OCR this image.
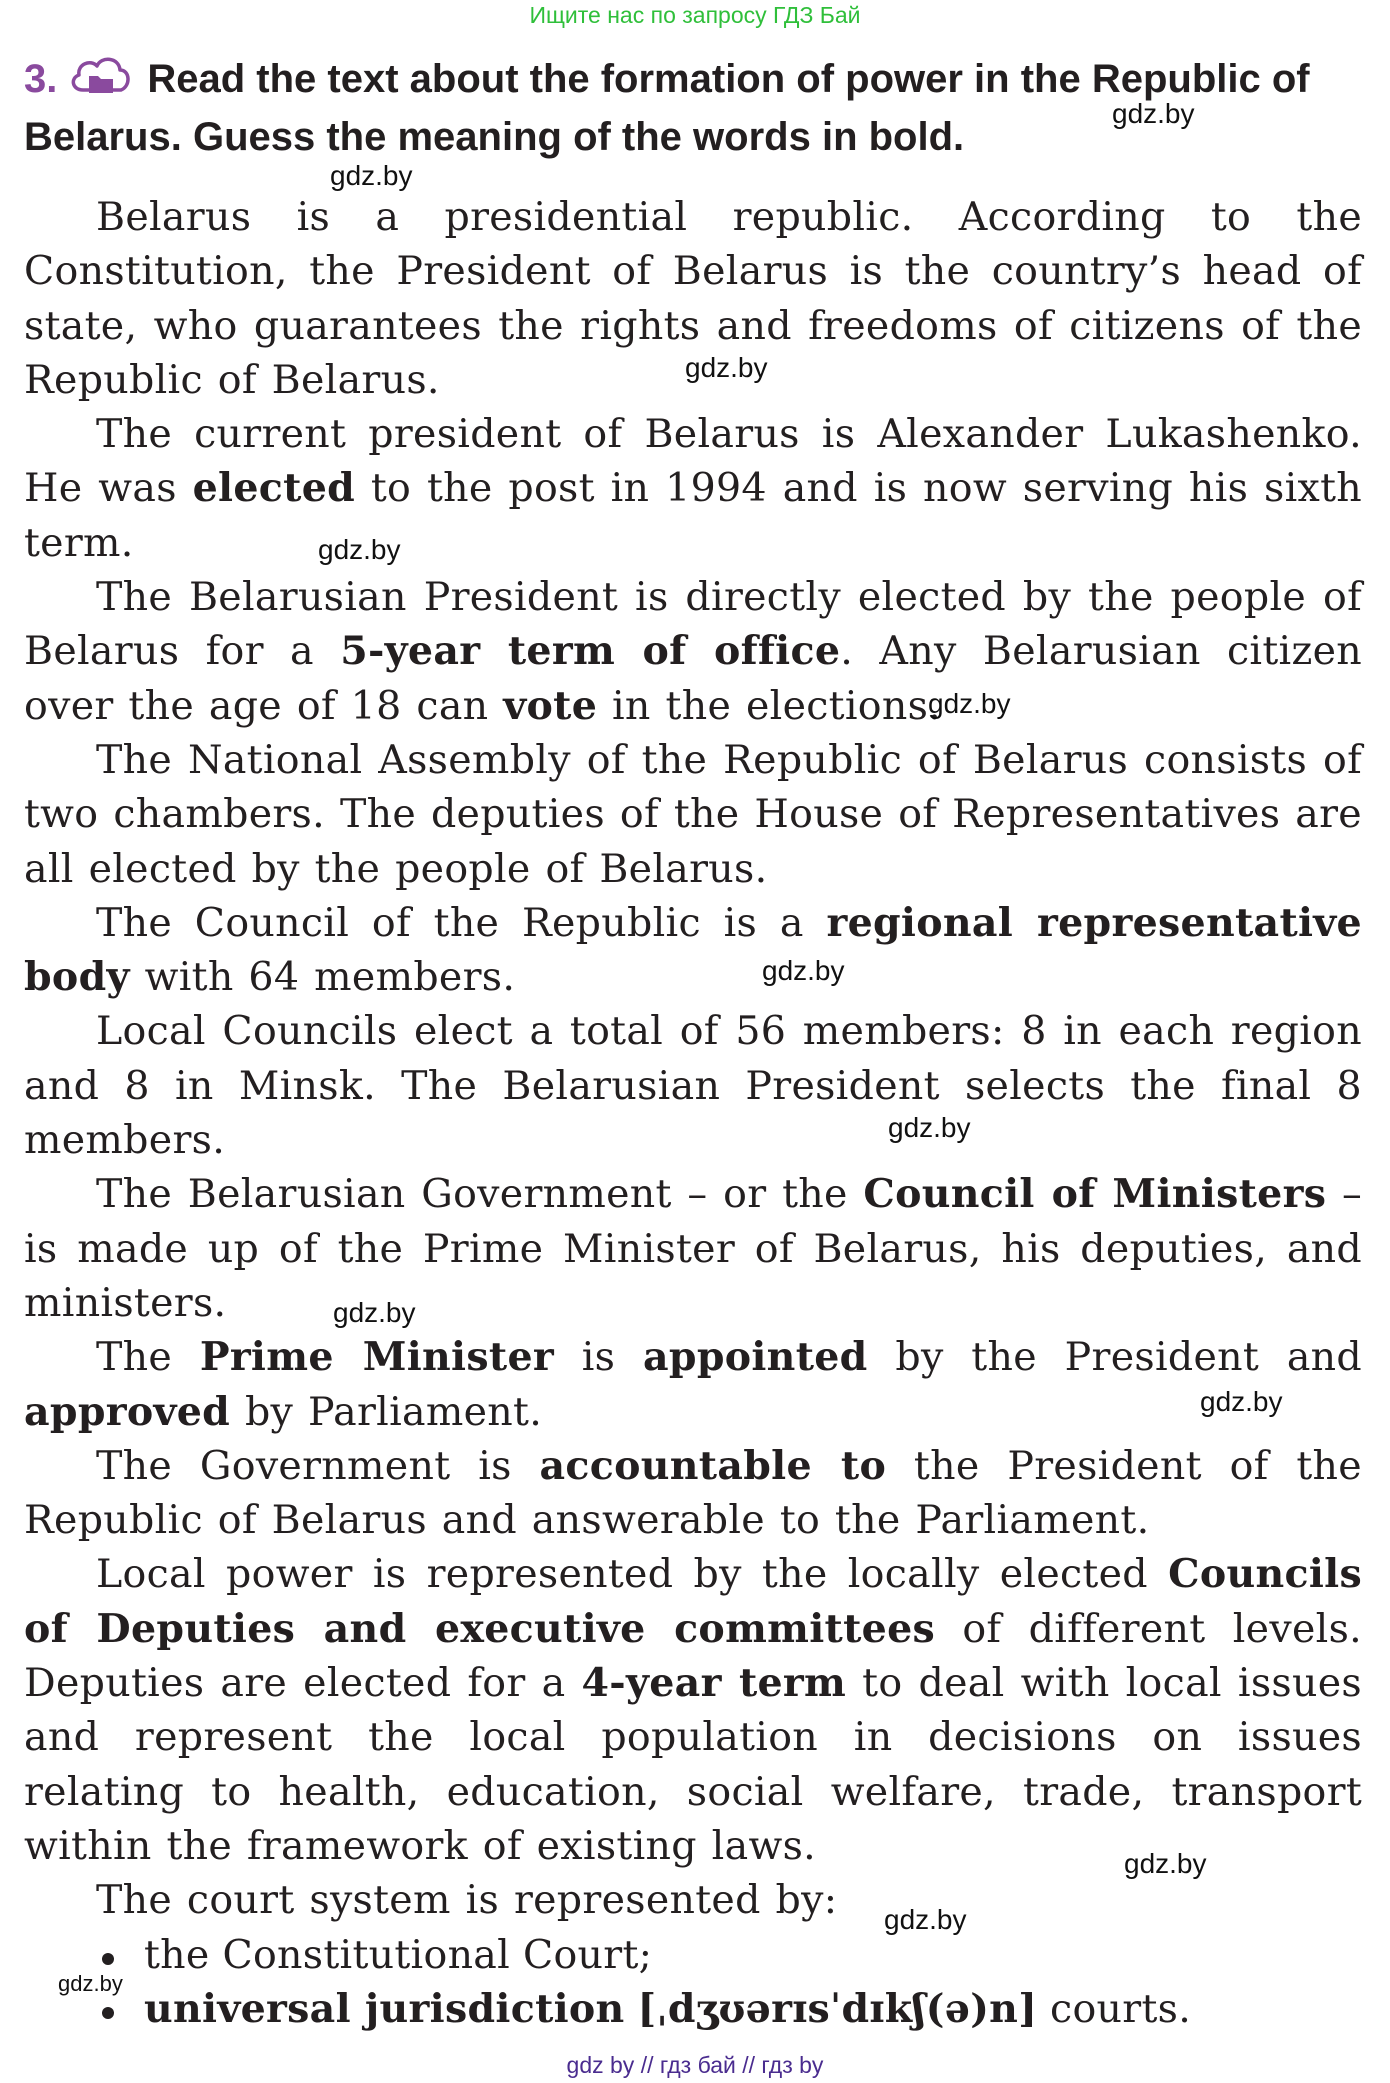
Ищите нас по запросу ГДЗ Бай
3. Read the text about the formation of power in the Republic of Belarus. Guess the meaning of the words in bold.

Belarus is a presidential republic. According to the Constitution, the President of Belarus is the country’s head of state, who guarantees the rights and freedoms of citizens of the Republic of Belarus.

The current president of Belarus is Alexander Lukashenko. He was elected to the post in 1994 and is now serving his sixth term.

The Belarusian President is directly elected by the people of Belarus for a 5-year term of office. Any Belarusian citizen over the age of 18 can vote in the elections.

The National Assembly of the Republic of Belarus consists of two chambers. The deputies of the House of Representatives are all elected by the people of Belarus.

The Council of the Republic is a regional representative body with 64 members.

Local Councils elect a total of 56 members: 8 in each region and 8 in Minsk. The Belarusian President selects the final 8 members.

The Belarusian Government – or the Council of Ministers – is made up of the Prime Minister of Belarus, his deputies, and ministers.

The Prime Minister is appointed by the President and approved by Parliament.

The Government is accountable to the President of the Republic of Belarus and answerable to the Parliament.

Local power is represented by the locally elected Councils of Deputies and executive committees of different levels. Deputies are elected for a 4-year term to deal with local issues and represent the local population in decisions on issues relating to health, education, social welfare, trade, transport within the framework of existing laws.

The court system is represented by:

the Constitutional Court;
universal jurisdiction [ˌdʒʊərɪsˈdɪkʃ(ə)n] courts.
gdz.by
gdz.by
gdz.by
gdz.by
gdz.by
gdz.by
gdz.by
gdz.by
gdz.by
gdz.by
gdz.by
gdz.by
gdz by // гдз бай // гдз by
